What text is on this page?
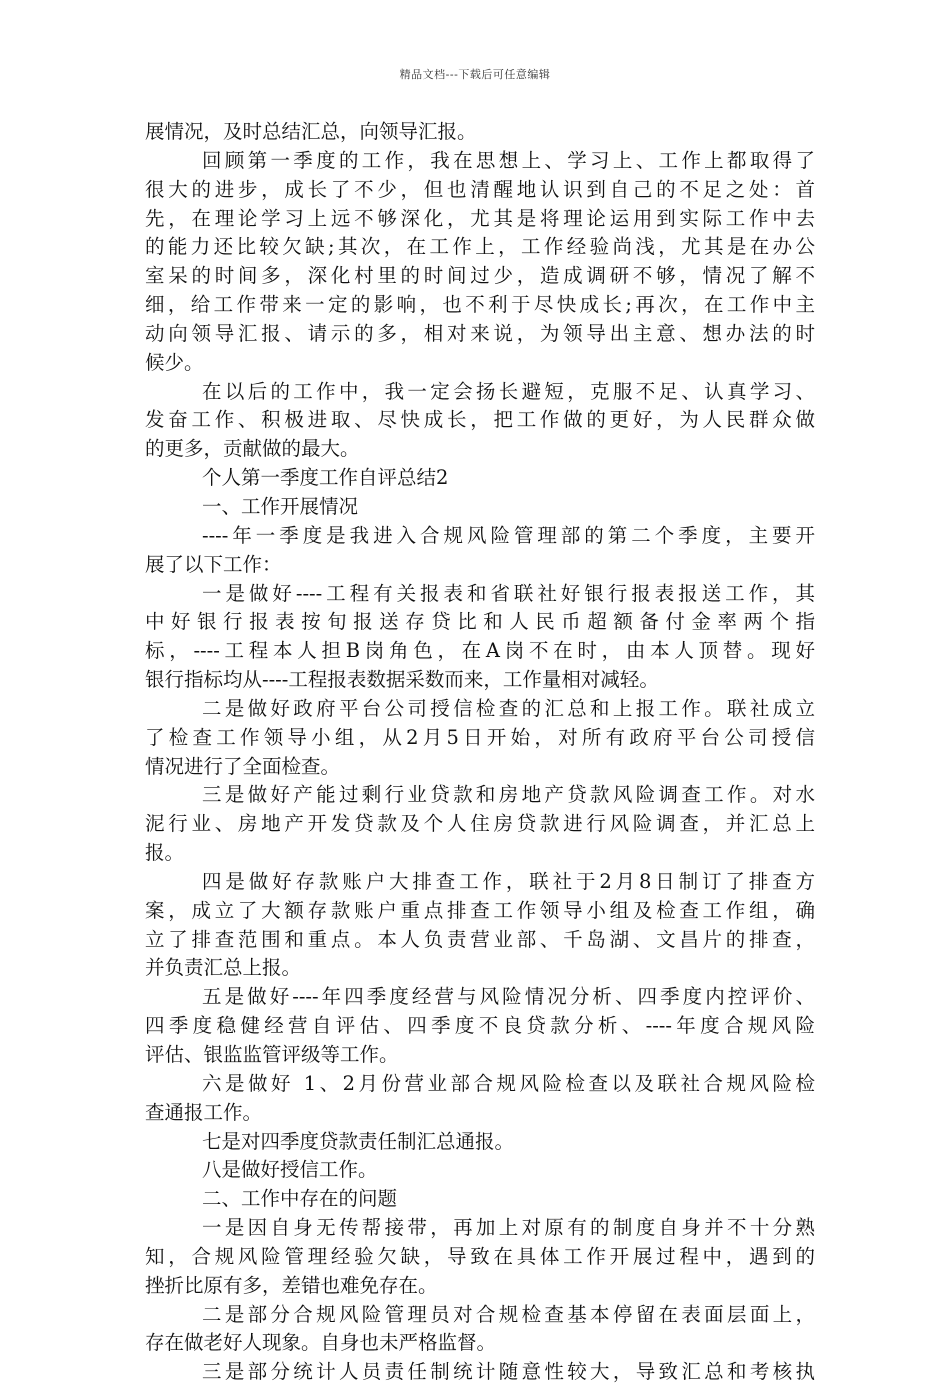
精品文档---下载后可任意编辑
展情况，及时总结汇总，向领导汇报。
回顾第一季度的工作，我在思想上、学习上、工作上都取得了
很大的进步，成长了不少，但也清醒地认识到自己的不足之处：首
先，在理论学习上远不够深化，尤其是将理论运用到实际工作中去
的能力还比较欠缺;其次，在工作上，工作经验尚浅，尤其是在办公
室呆的时间多，深化村里的时间过少，造成调研不够，情况了解不
细，给工作带来一定的影响，也不利于尽快成长;再次，在工作中主
动向领导汇报、请示的多，相对来说，为领导出主意、想办法的时
候少。
在以后的工作中，我一定会扬长避短，克服不足、认真学习、
发奋工作、积极进取、尽快成长，把工作做的更好，为人民群众做
的更多，贡献做的最大。
个人第一季度工作自评总结2
一、工作开展情况
----年一季度是我进入合规风险管理部的第二个季度，主要开
展了以下工作：
一是做好----工程有关报表和省联社好银行报表报送工作，其
中好银行报表按旬报送存贷比和人民币超额备付金率两个指
标，----工程本人担B岗角色，在A岗不在时，由本人顶替。现好
银行指标均从----工程报表数据采数而来，工作量相对减轻。
二是做好政府平台公司授信检查的汇总和上报工作。联社成立
了检查工作领导小组，从2月5日开始，对所有政府平台公司授信
情况进行了全面检查。
三是做好产能过剩行业贷款和房地产贷款风险调查工作。对水
泥行业、房地产开发贷款及个人住房贷款进行风险调查，并汇总上
报。
四是做好存款账户大排查工作，联社于2月8日制订了排查方
案，成立了大额存款账户重点排查工作领导小组及检查工作组，确
立了排查范围和重点。本人负责营业部、千岛湖、文昌片的排查，
并负责汇总上报。
五是做好----年四季度经营与风险情况分析、四季度内控评价、
四季度稳健经营自评估、四季度不良贷款分析、----年度合规风险
评估、银监监管评级等工作。
六是做好 1、2月份营业部合规风险检查以及联社合规风险检
查通报工作。
七是对四季度贷款责任制汇总通报。
八是做好授信工作。
二、工作中存在的问题
一是因自身无传帮接带，再加上对原有的制度自身并不十分熟
知，合规风险管理经验欠缺，导致在具体工作开展过程中，遇到的
挫折比原有多，差错也难免存在。
二是部分合规风险管理员对合规检查基本停留在表面层面上，
存在做老好人现象。自身也未严格监督。
三是部分统计人员责任制统计随意性较大，导致汇总和考核执
